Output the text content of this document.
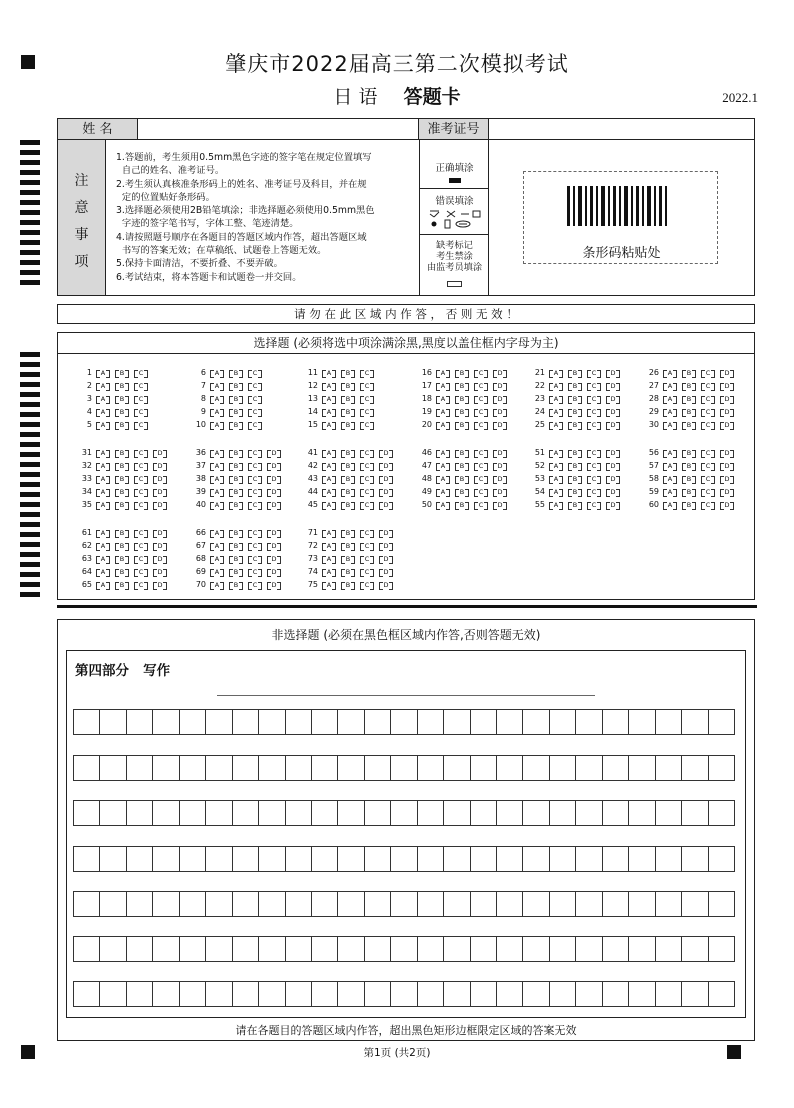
肇庆市2022届高三第二次模拟考试
日 语 答题卡	2022.1
姓 名	准考证号
注
意
事
项
1.答题前，考生须用0.5mm黑色字迹的签字笔在规定位置填写
自己的姓名、准考证号。
2.考生须认真核准条形码上的姓名、准考证号及科目，并在规
定的位置贴好条形码。
3.选择题必须使用2B铅笔填涂；非选择题必须使用0.5mm黑色
字迹的签字笔书写，字体工整、笔迹清楚。
4.请按照题号顺序在各题目的答题区域内作答，超出答题区域
书写的答案无效；在草稿纸、试题卷上答题无效。
5.保持卡面清洁，不要折叠、不要弄破。
6.考试结束，将本答题卡和试题卷一并交回。
正确填涂
错误填涂
缺考标记
考生禁涂
由监考员填涂
条形码粘贴处
请 勿 在 此 区 域 内 作 答 ， 否 则 无 效 ！
选择题 (必须将选中项涂满涂黑,黑度以盖住框内字母为主)
1 A B C
2 A B C
3 A B C
4 A B C
5 A B C
6 A B C
7 A B C
8 A B C
9 A B C
10 A B C
11 A B C
12 A B C
13 A B C
14 A B C
15 A B C
16 A B C D
17 A B C D
18 A B C D
19 A B C D
20 A B C D
21 A B C D
22 A B C D
23 A B C D
24 A B C D
25 A B C D
26 A B C D
27 A B C D
28 A B C D
29 A B C D
30 A B C D
31 A B C D
32 A B C D
33 A B C D
34 A B C D
35 A B C D
36 A B C D
37 A B C D
38 A B C D
39 A B C D
40 A B C D
41 A B C D
42 A B C D
43 A B C D
44 A B C D
45 A B C D
46 A B C D
47 A B C D
48 A B C D
49 A B C D
50 A B C D
51 A B C D
52 A B C D
53 A B C D
54 A B C D
55 A B C D
56 A B C D
57 A B C D
58 A B C D
59 A B C D
60 A B C D
61 A B C D
62 A B C D
63 A B C D
64 A B C D
65 A B C D
66 A B C D
67 A B C D
68 A B C D
69 A B C D
70 A B C D
71 A B C D
72 A B C D
73 A B C D
74 A B C D
75 A B C D
非选择题 (必须在黑色框区域内作答,否则答题无效)
第四部分   写作
请在各题目的答题区域内作答，超出黑色矩形边框限定区域的答案无效
第1页 (共2页)
